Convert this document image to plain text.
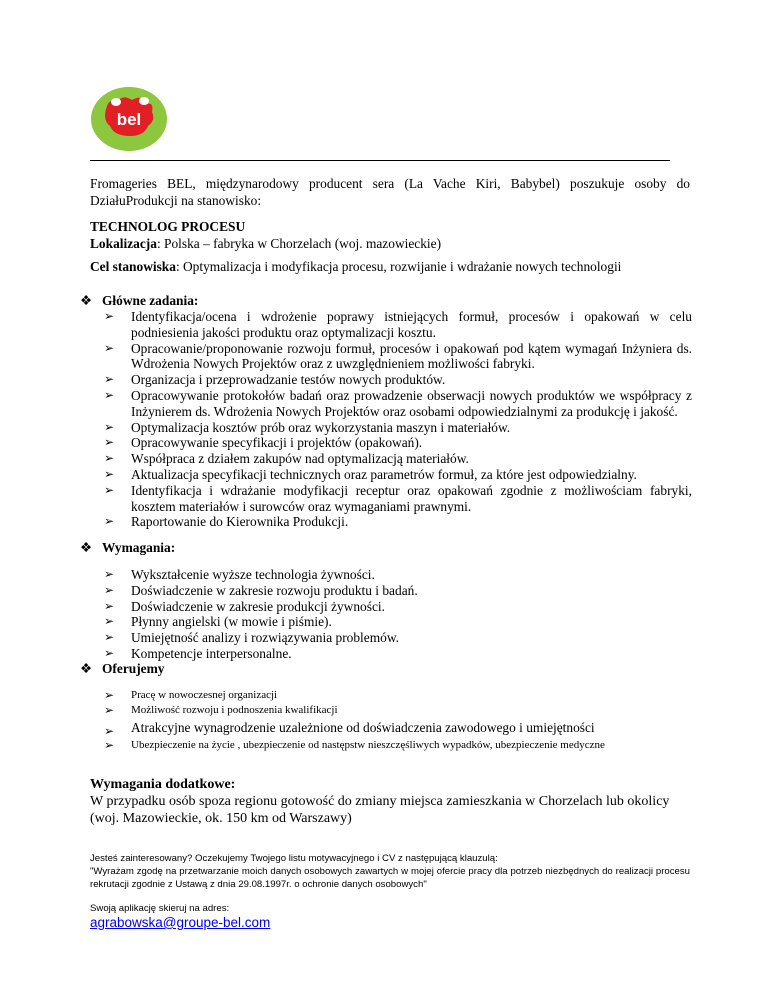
bel
Fromageries BEL, międzynarodowy producent sera (La Vache Kiri, Babybel) poszukuje osoby do DziałuProdukcji na stanowisko:
TECHNOLOG PROCESU
Lokalizacja: Polska – fabryka w Chorzelach (woj. mazowieckie)
Cel stanowiska: Optymalizacja i modyfikacja procesu, rozwijanie i wdrażanie nowych technologii
❖ Główne zadania:
➢	Identyfikacja/ocena i wdrożenie poprawy istniejących formuł, procesów i opakowań w celu podniesienia jakości produktu oraz optymalizacji kosztu.
➢	Opracowanie/proponowanie rozwoju formuł, procesów i opakowań pod kątem wymagań Inżyniera ds. Wdrożenia Nowych Projektów oraz z uwzględnieniem możliwości fabryki.
➢	Organizacja i przeprowadzanie testów nowych produktów.
➢	Opracowywanie protokołów badań oraz prowadzenie obserwacji nowych produktów we współpracy z Inżynierem ds. Wdrożenia Nowych Projektów oraz osobami odpowiedzialnymi za produkcję i jakość.
➢	Optymalizacja kosztów prób oraz wykorzystania maszyn i materiałów.
➢	Opracowywanie specyfikacji i projektów (opakowań).
➢	Współpraca z działem zakupów nad optymalizacją materiałów.
➢	Aktualizacja specyfikacji technicznych oraz parametrów formuł, za które jest odpowiedzialny.
➢	Identyfikacja i wdrażanie modyfikacji receptur oraz opakowań zgodnie z możliwościam fabryki, kosztem materiałów i surowców oraz wymaganiami prawnymi.
➢	Raportowanie do Kierownika Produkcji.
❖ Wymagania:
➢	Wykształcenie wyższe technologia żywności.
➢	Doświadczenie w zakresie rozwoju produktu i badań.
➢	Doświadczenie w zakresie produkcji żywności.
➢	Płynny angielski (w mowie i piśmie).
➢	Umiejętność analizy i rozwiązywania problemów.
➢	Kompetencje interpersonalne.
❖ Oferujemy
➢	Pracę w nowoczesnej organizacji
➢	Możliwość rozwoju i podnoszenia kwalifikacji
➢	Atrakcyjne wynagrodzenie uzależnione od doświadczenia zawodowego i umiejętności
➢	Ubezpieczenie na życie , ubezpieczenie od następstw nieszczęśliwych wypadków, ubezpieczenie medyczne
Wymagania dodatkowe:
W przypadku osób spoza regionu gotowość do zmiany miejsca zamieszkania w Chorzelach lub okolicy (woj. Mazowieckie, ok. 150 km od Warszawy)
Jesteś zainteresowany? Oczekujemy Twojego listu motywacyjnego i CV z następującą klauzulą:
"Wyrażam zgodę na przetwarzanie moich danych osobowych zawartych w mojej ofercie pracy dla potrzeb niezbędnych do realizacji procesu rekrutacji zgodnie z Ustawą z dnia 29.08.1997r. o ochronie danych osobowych"
Swoją aplikację skieruj na adres:
agrabowska@groupe-bel.com
